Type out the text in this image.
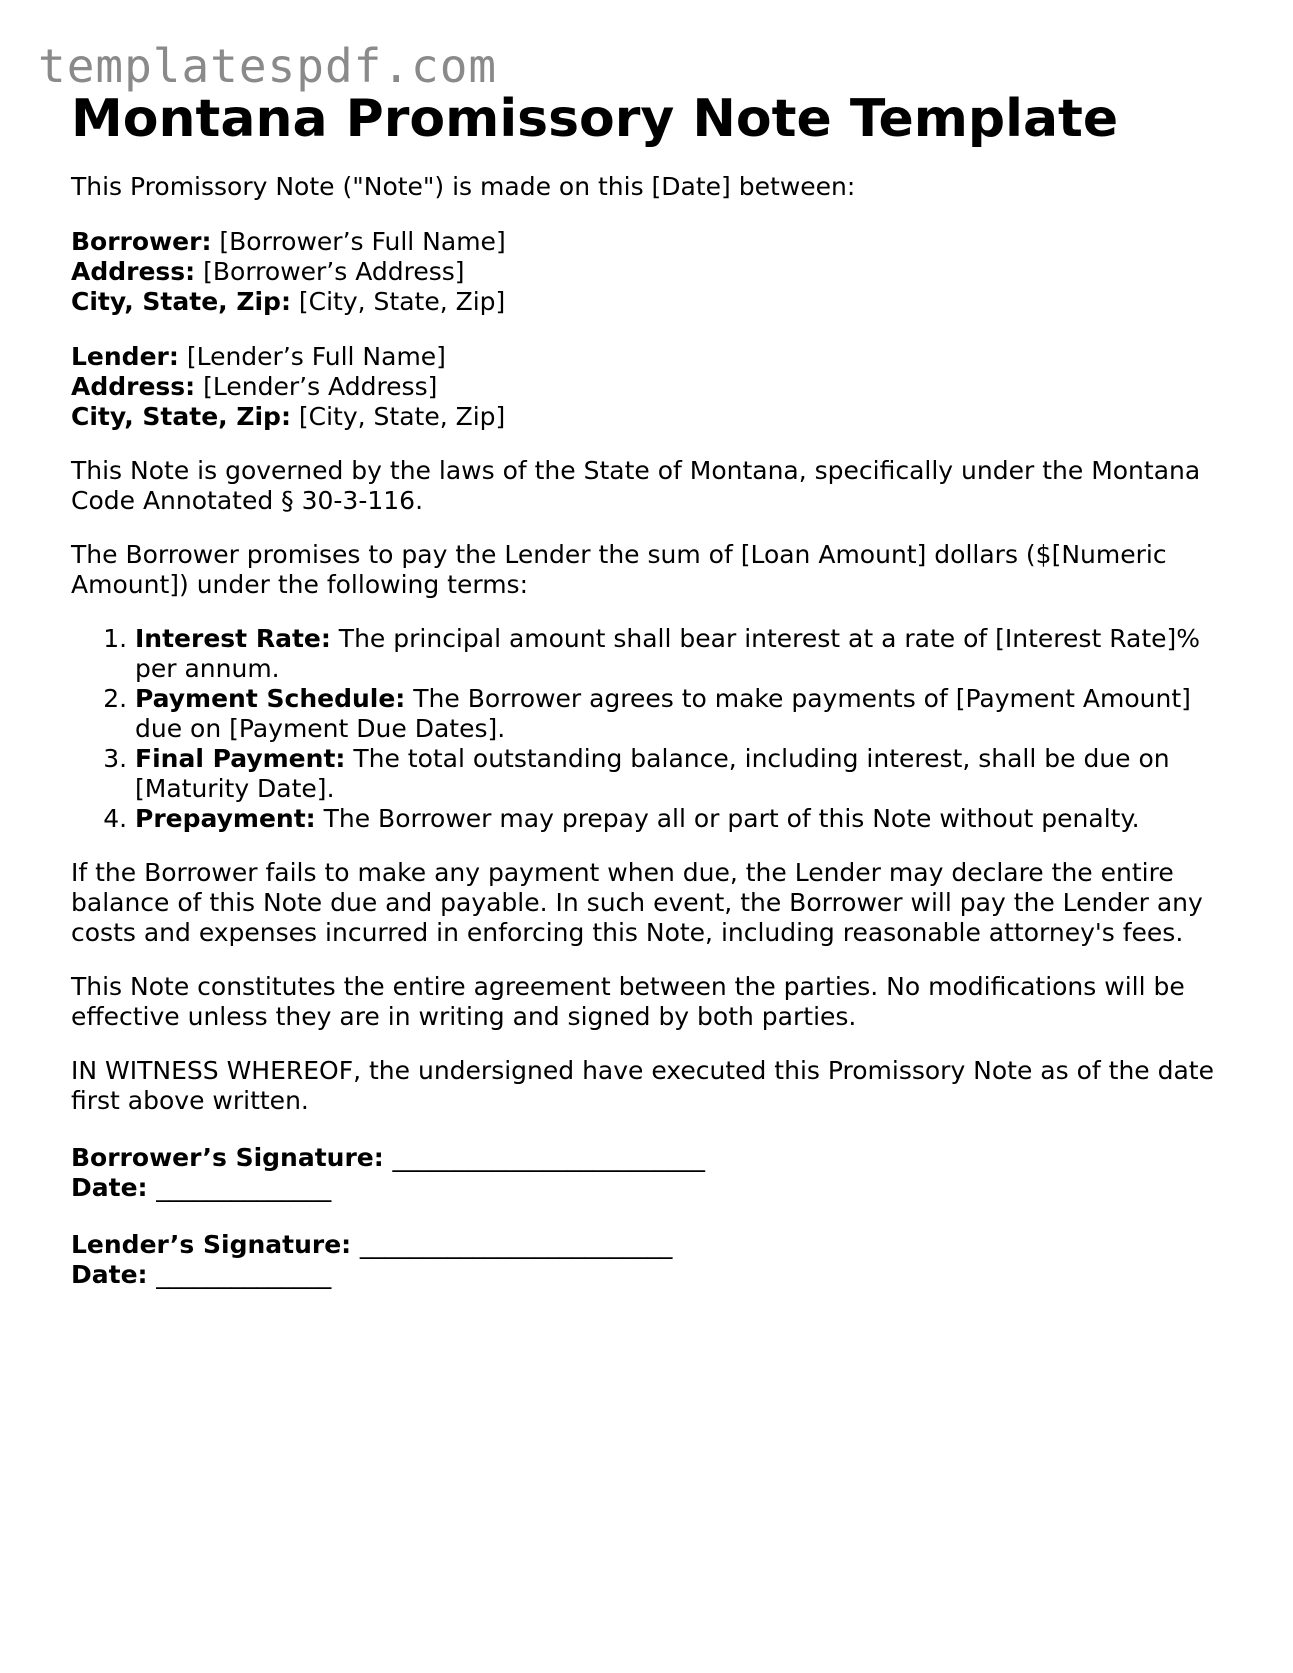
templatespdf.com
Montana Promissory Note Template

This Promissory Note ("Note") is made on this [Date] between:

Borrower: [Borrower’s Full Name]
Address: [Borrower’s Address]
City, State, Zip: [City, State, Zip]
Lender: [Lender’s Full Name]
Address: [Lender’s Address]
City, State, Zip: [City, State, Zip]

This Note is governed by the laws of the State of Montana, specifically under the Montana Code Annotated § 30-3-116.

The Borrower promises to pay the Lender the sum of [Loan Amount] dollars ($[Numeric Amount]) under the following terms:

1. Interest Rate: The principal amount shall bear interest at a rate of [Interest Rate]% per annum.
2. Payment Schedule: The Borrower agrees to make payments of [Payment Amount] due on [Payment Due Dates].
3. Final Payment: The total outstanding balance, including interest, shall be due on [Maturity Date].
4. Prepayment: The Borrower may prepay all or part of this Note without penalty.

If the Borrower fails to make any payment when due, the Lender may declare the entire balance of this Note due and payable. In such event, the Borrower will pay the Lender any costs and expenses incurred in enforcing this Note, including reasonable attorney's fees.

This Note constitutes the entire agreement between the parties. No modifications will be effective unless they are in writing and signed by both parties.

IN WITNESS WHEREOF, the undersigned have executed this Promissory Note as of the date first above written.

Borrower’s Signature: _________________________
Date: ______________
Lender’s Signature: _________________________
Date: ______________
